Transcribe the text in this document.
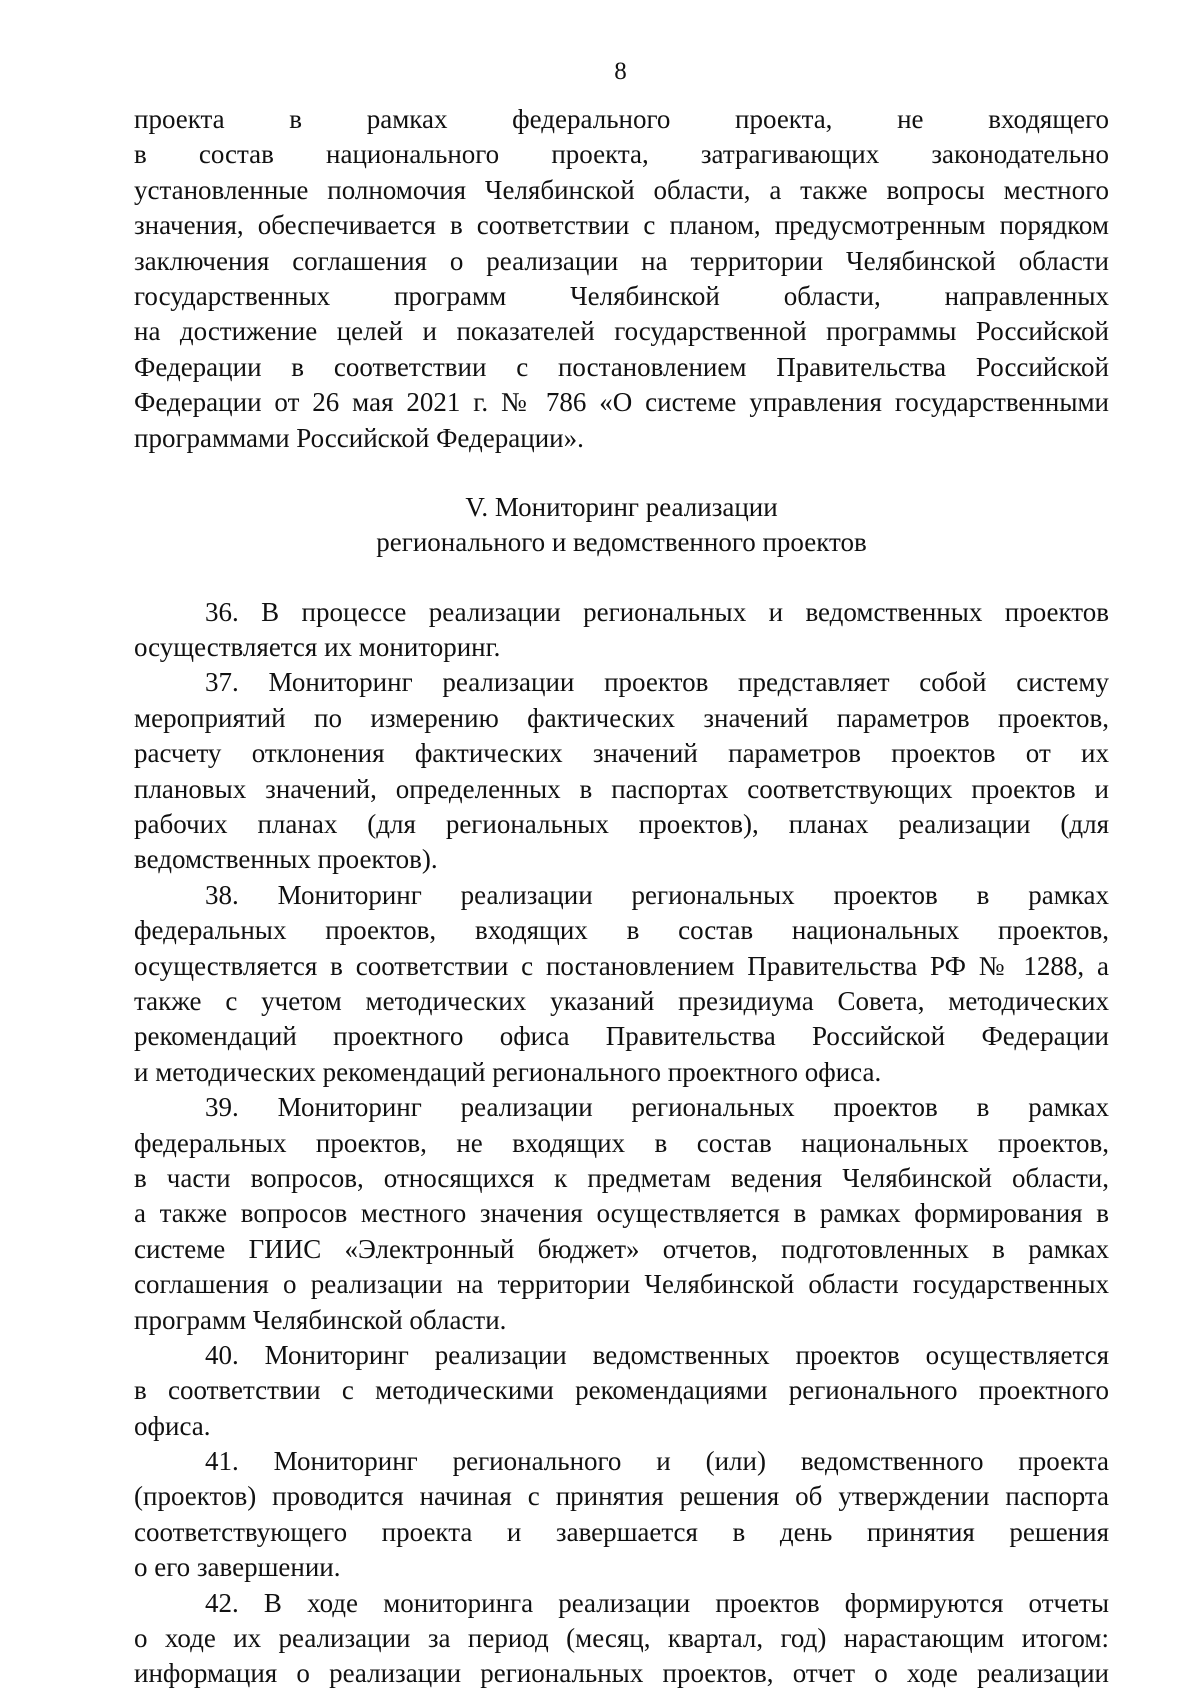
8
проекта в рамках федерального проекта, не входящего
в состав национального проекта, затрагивающих законодательно
установленные полномочия Челябинской области, а также вопросы местного
значения, обеспечивается в соответствии с планом, предусмотренным порядком
заключения соглашения о реализации на территории Челябинской области
государственных программ Челябинской области, направленных
на достижение целей и показателей государственной программы Российской
Федерации в соответствии с постановлением Правительства Российской
Федерации от 26 мая 2021 г. № 786 «О системе управления государственными
программами Российской Федерации».
V. Мониторинг реализации
регионального и ведомственного проектов
36. В процессе реализации региональных и ведомственных проектов
осуществляется их мониторинг.
37. Мониторинг реализации проектов представляет собой систему
мероприятий по измерению фактических значений параметров проектов,
расчету отклонения фактических значений параметров проектов от их
плановых значений, определенных в паспортах соответствующих проектов и
рабочих планах (для региональных проектов), планах реализации (для
ведомственных проектов).
38. Мониторинг реализации региональных проектов в рамках
федеральных проектов, входящих в состав национальных проектов,
осуществляется в соответствии с постановлением Правительства РФ № 1288, а
также с учетом методических указаний президиума Совета, методических
рекомендаций проектного офиса Правительства Российской Федерации
и методических рекомендаций регионального проектного офиса.
39. Мониторинг реализации региональных проектов в рамках
федеральных проектов, не входящих в состав национальных проектов,
в части вопросов, относящихся к предметам ведения Челябинской области,
а также вопросов местного значения осуществляется в рамках формирования в
системе ГИИС «Электронный бюджет» отчетов, подготовленных в рамках
соглашения о реализации на территории Челябинской области государственных
программ Челябинской области.
40. Мониторинг реализации ведомственных проектов осуществляется
в соответствии с методическими рекомендациями регионального проектного
офиса.
41. Мониторинг регионального и (или) ведомственного проекта
(проектов) проводится начиная с принятия решения об утверждении паспорта
соответствующего проекта и завершается в день принятия решения
о его завершении.
42. В ходе мониторинга реализации проектов формируются отчеты
о ходе их реализации за период (месяц, квартал, год) нарастающим итогом:
информация о реализации региональных проектов, отчет о ходе реализации
